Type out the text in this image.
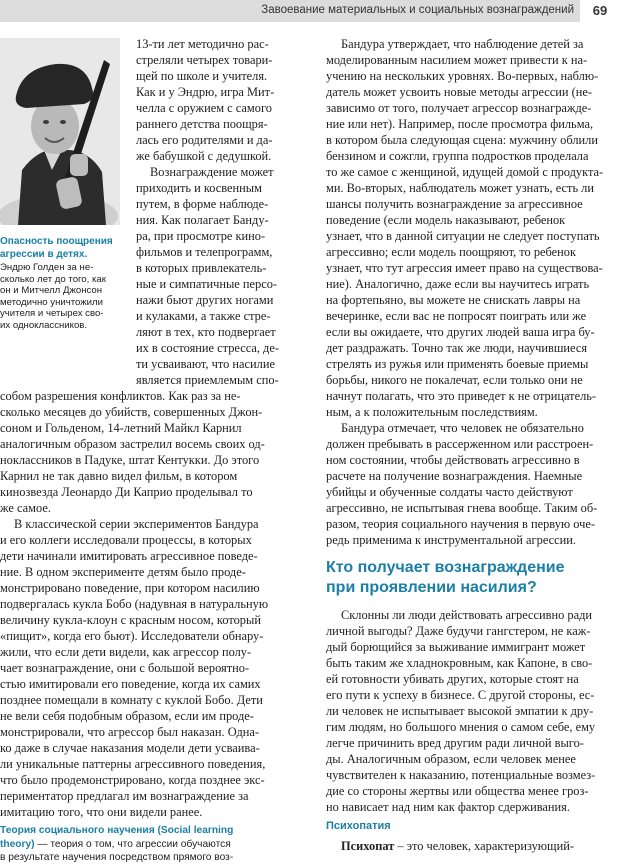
Завоевание материальных и социальных вознаграждений	69
Опасность поощрения
агрессии в детях.
Эндрю Голден за не-
сколько лет до того, как
он и Митчелл Джонсон
методично уничтожили
учителя и четырех сво-
их одноклассников.
13-ти лет методично рас-
стреляли четырех товари-
щей по школе и учителя.
Как и у Эндрю, игра Мит-
челла с оружием с самого
раннего детства поощря-
лась его родителями и да-
же бабушкой с дедушкой.
Вознаграждение может
приходить и косвенным
путем, в форме наблюде-
ния. Как полагает Банду-
ра, при просмотре кино-
фильмов и телепрограмм,
в которых привлекатель-
ные и симпатичные персо-
нажи бьют других ногами
и кулаками, а также стре-
ляют в тех, кто подвергает
их в состояние стресса, де-
ти усваивают, что насилие
является приемлемым спо-
собом разрешения конфликтов. Как раз за не-
сколько месяцев до убийств, совершенных Джон-
соном и Гольденом, 14-летний Майкл Карнил
аналогичным образом застрелил восемь своих од-
ноклассников в Падуке, штат Кентукки. До этого
Карнил не так давно видел фильм, в котором
кинозвезда Леонардо Ди Каприо проделывал то
же самое.
В классической серии экспериментов Бандура
и его коллеги исследовали процессы, в которых
дети начинали имитировать агрессивное поведе-
ние. В одном эксперименте детям было проде-
монстрировано поведение, при котором насилию
подвергалась кукла Бобо (надувная в натуральную
величину кукла-клоун с красным носом, который
«пищит», когда его бьют). Исследователи обнару-
жили, что если дети видели, как агрессор полу-
чает вознаграждение, они с большой вероятно-
стью имитировали его поведение, когда их самих
позднее помещали в комнату с куклой Бобо. Дети
не вели себя подобным образом, если им проде-
монстрировали, что агрессор был наказан. Одна-
ко даже в случае наказания модели дети усваива-
ли уникальные паттерны агрессивного поведения,
что было продемонстрировано, когда позднее экс-
периментатор предлагал им вознаграждение за
имитацию того, что они видели ранее.
Теория социального научения (Social learning
theory) — теория о том, что агрессии обучаются
в результате научения посредством прямого воз-
Бандура утверждает, что наблюдение детей за
моделированным насилием может привести к на-
учению на нескольких уровнях. Во-первых, наблю-
датель может усвоить новые методы агрессии (не-
зависимо от того, получает агрессор вознагражде-
ние или нет). Например, после просмотра фильма,
в котором была следующая сцена: мужчину облили
бензином и сожгли, группа подростков проделала
то же самое с женщиной, идущей домой с продукта-
ми. Во-вторых, наблюдатель может узнать, есть ли
шансы получить вознаграждение за агрессивное
поведение (если модель наказывают, ребенок
узнает, что в данной ситуации не следует поступать
агрессивно; если модель поощряют, то ребенок
узнает, что тут агрессия имеет право на существова-
ние). Аналогично, даже если вы научитесь играть
на фортепьяно, вы можете не снискать лавры на
вечеринке, если вас не попросят поиграть или же
если вы ожидаете, что других людей ваша игра бу-
дет раздражать. Точно так же люди, научившиеся
стрелять из ружья или применять боевые приемы
борьбы, никого не покалечат, если только они не
начнут полагать, что это приведет к не отрицатель-
ным, а к положительным последствиям.
Бандура отмечает, что человек не обязательно
должен пребывать в рассерженном или расстроен-
ном состоянии, чтобы действовать агрессивно в
расчете на получение вознаграждения. Наемные
убийцы и обученные солдаты часто действуют
агрессивно, не испытывая гнева вообще. Таким об-
разом, теория социального научения в первую оче-
редь применима к инструментальной агрессии.
Кто получает вознаграждение
при проявлении насилия?
Склонны ли люди действовать агрессивно ради
личной выгоды? Даже будучи гангстером, не каж-
дый борющийся за выживание иммигрант может
быть таким же хладнокровным, как Капоне, в сво-
ей готовности убивать других, которые стоят на
его пути к успеху в бизнесе. С другой стороны, ес-
ли человек не испытывает высокой эмпатии к дру-
гим людям, но большого мнения о самом себе, ему
легче причинить вред другим ради личной выго-
ды. Аналогичным образом, если человек менее
чувствителен к наказанию, потенциальные возмез-
дие со стороны жертвы или общества менее гроз-
но нависает над ним как фактор сдерживания.
Психопатия
Психопат – это человек, характеризующий-
